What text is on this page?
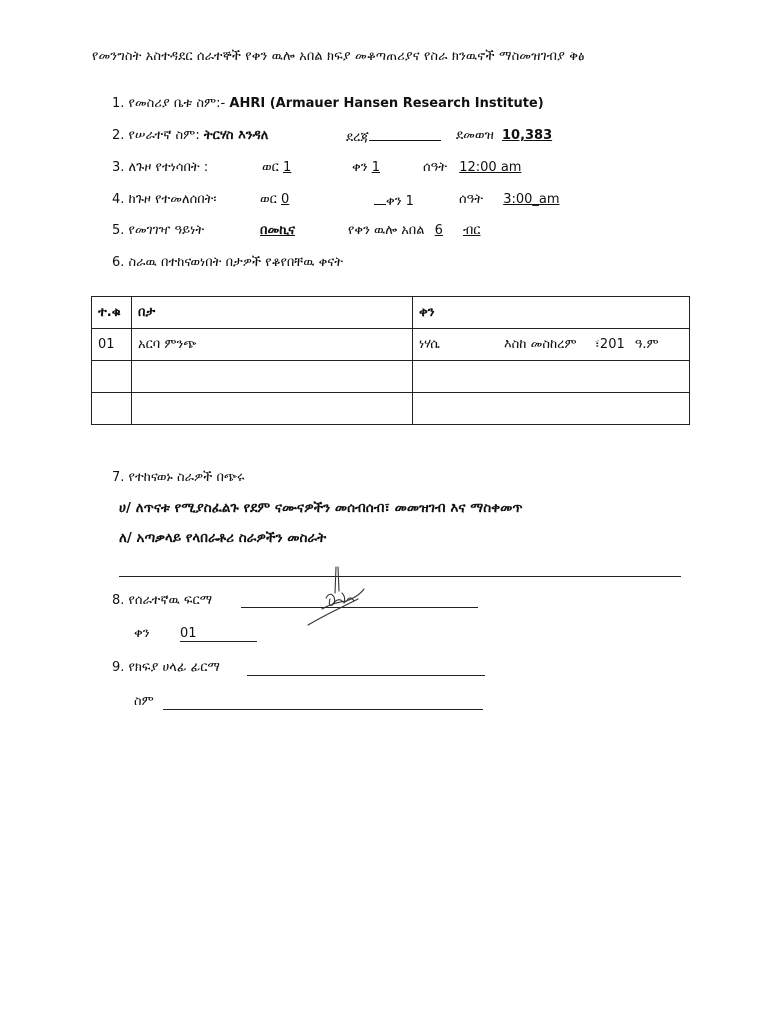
የመንግስት አስተዳደር ሰራተኞች የቀን ዉሎ አበል ክፍያ መቆጣጠሪያና የስራ ክንዉኖች ማስመዝገብያ ቅፅ
1. የመስሪያ ቤቱ ስም:- AHRI (Armauer Hansen Research Institute)
2. የሠራተኛ ስም: ትርሃስ እንዳለ	ደረጃ	ደመወዝ 10,383
3. ለጉዞ የተነሳበት :	ወር 1	ቀን 1	ሰዓት 12:00 am
4. ከጉዞ የተመለሰበት፡	ወር 0	ቀን 1	ሰዓት 3:00_am
5. የመገገዣ ዓይነት	በመኪና	የቀን ዉሎ አበል 6 ብር
6. ስራዉ በተከናወነበት በታዎች የቆየበቸዉ ቀናት
ተ.ቁ	በታ	ቀን
01	አርባ ምንጭ	ነሃሴ እስከ መስከረም ፣201 ዓ.ም

7. የተከናወኑ ስራዎች በጭሩ
ሀ/ ለጥናቱ የሚያስፈልጉ የደም ናሙናዎችን መሰብሰብ፣ መመዝገብ እና ማስቀመጥ
ለ/ አጣቃላይ የላበራቶሪ ስራዎችን መስራት
8. የሰራተኛዉ ፍርማ
ቀን 01
9. የክፍያ ሀላፊ ፊርማ
ስም
